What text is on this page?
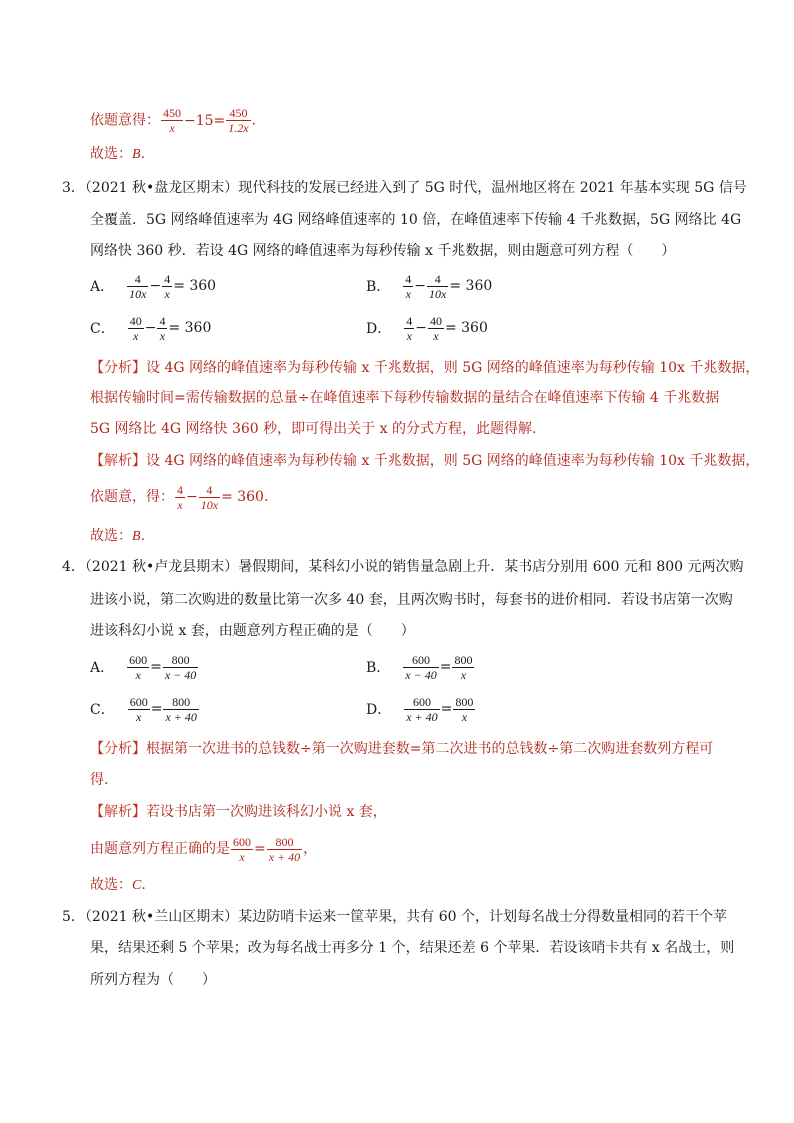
依题意得： $\frac{450}{x} -15= \frac{450}{1.2x}$ .
故选：B.
3．（2021 秋•盘龙区期末）现代科技的发展已经进入到了 5G 时代，温州地区将在 2021 年基本实现 5G 信号
全覆盖．5G 网络峰值速率为 4G 网络峰值速率的 10 倍，在峰值速率下传输 4 千兆数据，5G 网络比 4G
网络快 360 秒．若设 4G 网络的峰值速率为每秒传输 x 千兆数据，则由题意可列方程（　　）
A． $\frac{4}{10x} - \frac{4}{x} = 360$	B． $\frac{4}{x} - \frac{4}{10x} = 360$
C． $\frac{40}{x} - \frac{4}{x} = 360$	D． $\frac{4}{x} - \frac{40}{x} = 360$
【分析】设 4G 网络的峰值速率为每秒传输 x 千兆数据，则 5G 网络的峰值速率为每秒传输 10x 千兆数据，
根据传输时间=需传输数据的总量÷在峰值速率下每秒传输数据的量结合在峰值速率下传输 4 千兆数据
5G 网络比 4G 网络快 360 秒，即可得出关于 x 的分式方程，此题得解．
【解析】设 4G 网络的峰值速率为每秒传输 x 千兆数据，则 5G 网络的峰值速率为每秒传输 10x 千兆数据，
依题意，得： $\frac{4}{x} - \frac{4}{10x} = 360$.
故选：B.
4．（2021 秋•卢龙县期末）暑假期间，某科幻小说的销售量急剧上升．某书店分别用 600 元和 800 元两次购
进该小说，第二次购进的数量比第一次多 40 套，且两次购书时，每套书的进价相同．若设书店第一次购
进该科幻小说 x 套，由题意列方程正确的是（　　）
A． $\frac{600}{x} = \frac{800}{x - 40}$	B． $\frac{600}{x - 40} = \frac{800}{x}$
C． $\frac{600}{x} = \frac{800}{x + 40}$	D． $\frac{600}{x + 40} = \frac{800}{x}$
【分析】根据第一次进书的总钱数÷第一次购进套数=第二次进书的总钱数÷第二次购进套数列方程可
得．
【解析】若设书店第一次购进该科幻小说 x 套，
由题意列方程正确的是 $\frac{600}{x} = \frac{800}{x + 40}$ ，
故选：C.
5．（2021 秋•兰山区期末）某边防哨卡运来一筐苹果，共有 60 个，计划每名战士分得数量相同的若干个苹
果，结果还剩 5 个苹果；改为每名战士再多分 1 个，结果还差 6 个苹果．若设该哨卡共有 x 名战士，则
所列方程为（　　）
